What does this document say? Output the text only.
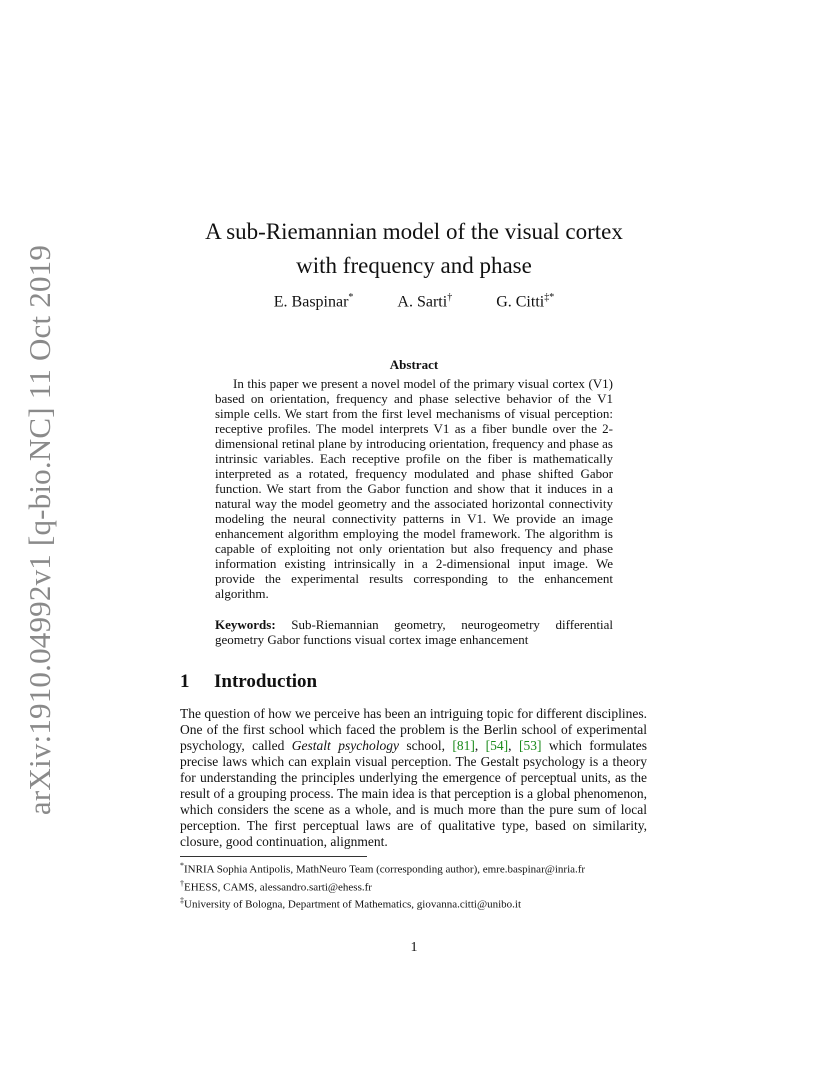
arXiv:1910.04992v1 [q-bio.NC] 11 Oct 2019
A sub-Riemannian model of the visual cortex
with frequency and phase
E. Baspinar*	A. Sarti†	G. Citti‡*
Abstract

In this paper we present a novel model of the primary visual cortex (V1) based on orientation, frequency and phase selective behavior of the V1 simple cells. We start from the first level mechanisms of visual perception: receptive profiles. The model interprets V1 as a fiber bundle over the 2-dimensional retinal plane by introducing orientation, frequency and phase as intrinsic variables. Each receptive profile on the fiber is mathematically interpreted as a rotated, frequency modulated and phase shifted Gabor function. We start from the Gabor function and show that it induces in a natural way the model geometry and the associated horizontal connectivity modeling the neural connectivity patterns in V1. We provide an image enhancement algorithm employing the model framework. The algorithm is capable of exploiting not only orientation but also frequency and phase information existing intrinsically in a 2-dimensional input image. We provide the experimental results corresponding to the enhancement algorithm.

Keywords: Sub-Riemannian geometry, neurogeometry differential geometry Gabor functions visual cortex image enhancement

1 Introduction

The question of how we perceive has been an intriguing topic for different disciplines. One of the first school which faced the problem is the Berlin school of experimental psychology, called Gestalt psychology school, [81], [54], [53] which formulates precise laws which can explain visual perception. The Gestalt psychology is a theory for understanding the principles underlying the emergence of perceptual units, as the result of a grouping process. The main idea is that perception is a global phenomenon, which considers the scene as a whole, and is much more than the pure sum of local perception. The first perceptual laws are of qualitative type, based on similarity, closure, good continuation, alignment.

*INRIA Sophia Antipolis, MathNeuro Team (corresponding author), emre.baspinar@inria.fr

†EHESS, CAMS, alessandro.sarti@ehess.fr

‡University of Bologna, Department of Mathematics, giovanna.citti@unibo.it

1
